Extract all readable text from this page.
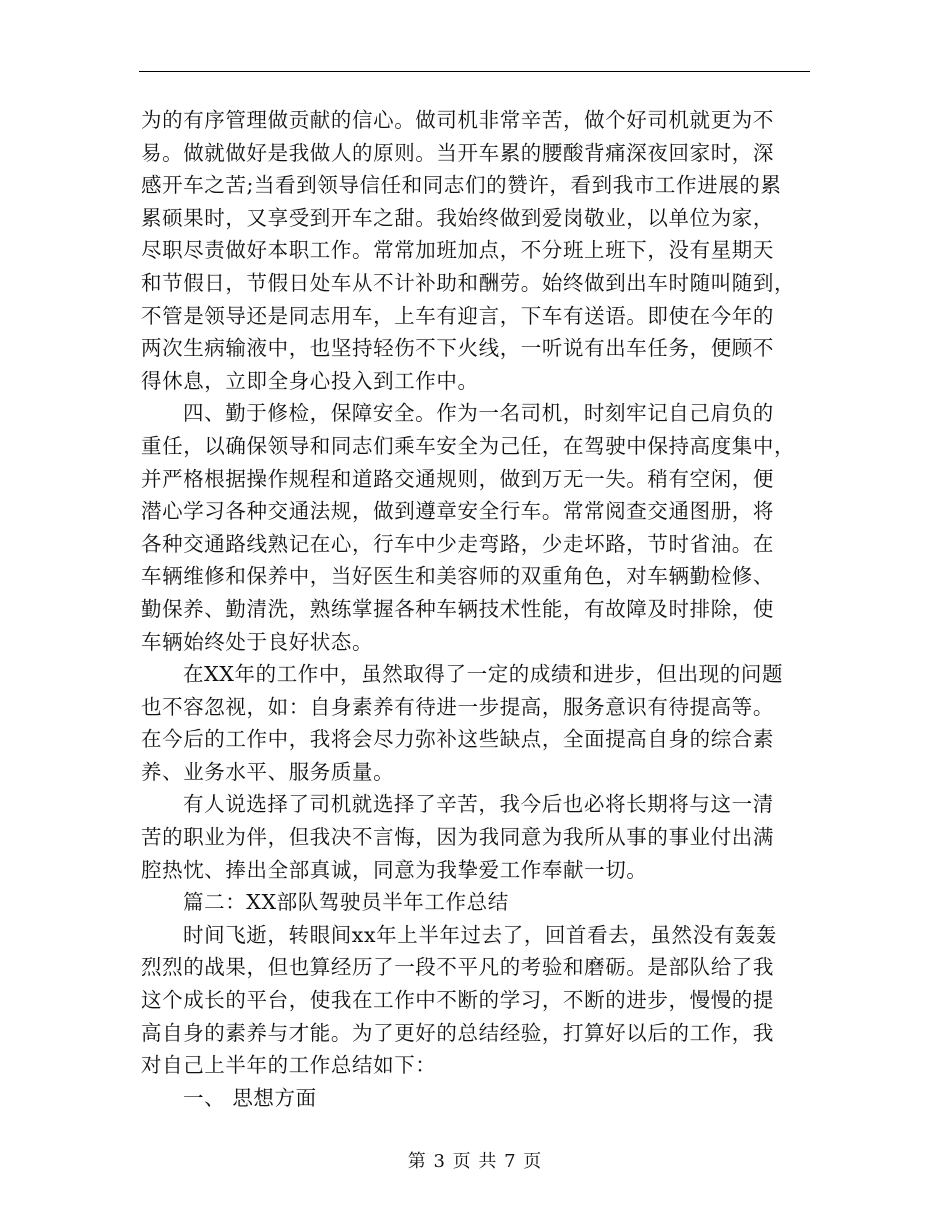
为的有序管理做贡献的信心。做司机非常辛苦，做个好司机就更为不
易。做就做好是我做人的原则。当开车累的腰酸背痛深夜回家时，深
感开车之苦;当看到领导信任和同志们的赞许，看到我市工作进展的累
累硕果时，又享受到开车之甜。我始终做到爱岗敬业，以单位为家，
尽职尽责做好本职工作。常常加班加点，不分班上班下，没有星期天
和节假日，节假日处车从不计补助和酬劳。始终做到出车时随叫随到，
不管是领导还是同志用车，上车有迎言，下车有送语。即使在今年的
两次生病输液中，也坚持轻伤不下火线，一听说有出车任务，便顾不
得休息，立即全身心投入到工作中。
四、勤于修检，保障安全。作为一名司机，时刻牢记自己肩负的
重任，以确保领导和同志们乘车安全为己任，在驾驶中保持高度集中，
并严格根据操作规程和道路交通规则，做到万无一失。稍有空闲，便
潜心学习各种交通法规，做到遵章安全行车。常常阅查交通图册，将
各种交通路线熟记在心，行车中少走弯路，少走坏路，节时省油。在
车辆维修和保养中，当好医生和美容师的双重角色，对车辆勤检修、
勤保养、勤清洗，熟练掌握各种车辆技术性能，有故障及时排除，使
车辆始终处于良好状态。
在XX年的工作中，虽然取得了一定的成绩和进步，但出现的问题
也不容忽视，如：自身素养有待进一步提高，服务意识有待提高等。
在今后的工作中，我将会尽力弥补这些缺点，全面提高自身的综合素
养、业务水平、服务质量。
有人说选择了司机就选择了辛苦，我今后也必将长期将与这一清
苦的职业为伴，但我决不言悔，因为我同意为我所从事的事业付出满
腔热忱、捧出全部真诚，同意为我挚爱工作奉献一切。
篇二：XX部队驾驶员半年工作总结
时间飞逝，转眼间xx年上半年过去了，回首看去，虽然没有轰轰
烈烈的战果，但也算经历了一段不平凡的考验和磨砺。是部队给了我
这个成长的平台，使我在工作中不断的学习，不断的进步，慢慢的提
高自身的素养与才能。为了更好的总结经验，打算好以后的工作，我
对自己上半年的工作总结如下：
一、 思想方面
第 3 页 共 7 页
